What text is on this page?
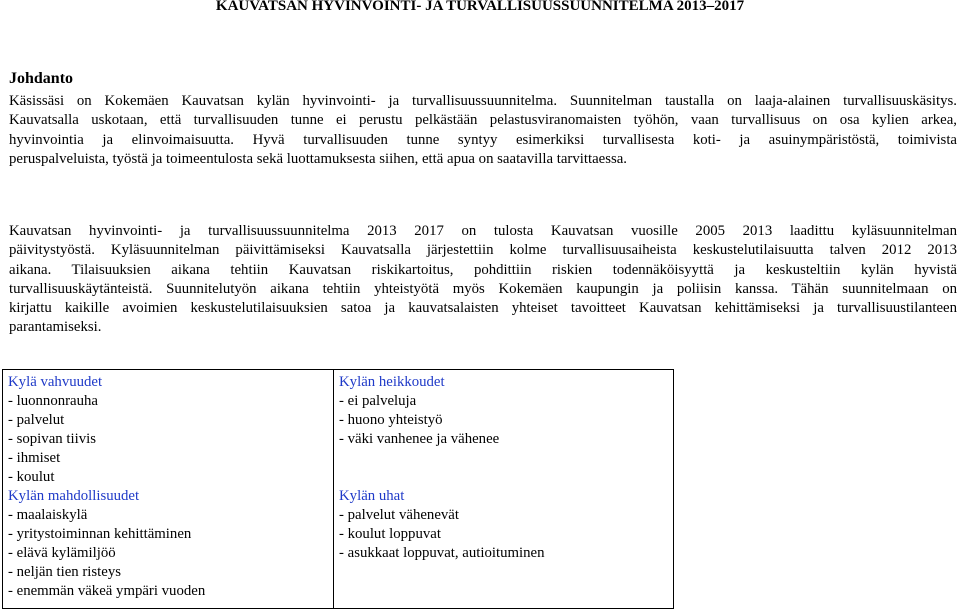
KAUVATSAN HYVINVOINTI- JA TURVALLISUUSSUUNNITELMA 2013–2017
Johdanto
Käsissäsi on Kokemäen Kauvatsan kylän hyvinvointi- ja turvallisuussuunnitelma. Suunnitelman taustalla on laaja-alainen turvallisuuskäsitys.
Kauvatsalla uskotaan, että turvallisuuden tunne ei perustu pelkästään pelastusviranomaisten työhön, vaan turvallisuus on osa kylien arkea,
hyvinvointia ja elinvoimaisuutta. Hyvä turvallisuuden tunne syntyy esimerkiksi turvallisesta koti- ja asuinympäristöstä, toimivista
peruspalveluista, työstä ja toimeentulosta sekä luottamuksesta siihen, että apua on saatavilla tarvittaessa.
Kauvatsan hyvinvointi- ja turvallisuussuunnitelma 2013 2017 on tulosta Kauvatsan vuosille 2005 2013 laadittu kyläsuunnitelman
päivitystyöstä. Kyläsuunnitelman päivittämiseksi Kauvatsalla järjestettiin kolme turvallisuusaiheista keskustelutilaisuutta talven 2012 2013
aikana. Tilaisuuksien aikana tehtiin Kauvatsan riskikartoitus, pohdittiin riskien todennäköisyyttä ja keskusteltiin kylän hyvistä
turvallisuuskäytänteistä. Suunnitelutyön aikana tehtiin yhteistyötä myös Kokemäen kaupungin ja poliisin kanssa. Tähän suunnitelmaan on
kirjattu kaikille avoimien keskustelutilaisuuksien satoa ja kauvatsalaisten yhteiset tavoitteet Kauvatsan kehittämiseksi ja turvallisuustilanteen
parantamiseksi.
Kylä vahvuudet
- luonnonrauha
- palvelut
- sopivan tiivis
- ihmiset
- koulut
Kylän mahdollisuudet
- maalaiskylä
- yritystoiminnan kehittäminen
- elävä kylämiljöö
- neljän tien risteys
- enemmän väkeä ympäri vuoden

Kylän heikkoudet
- ei palveluja
- huono yhteistyö
- väki vanhenee ja vähenee
Kylän uhat
- palvelut vähenevät
- koulut loppuvat
- asukkaat loppuvat, autioituminen
